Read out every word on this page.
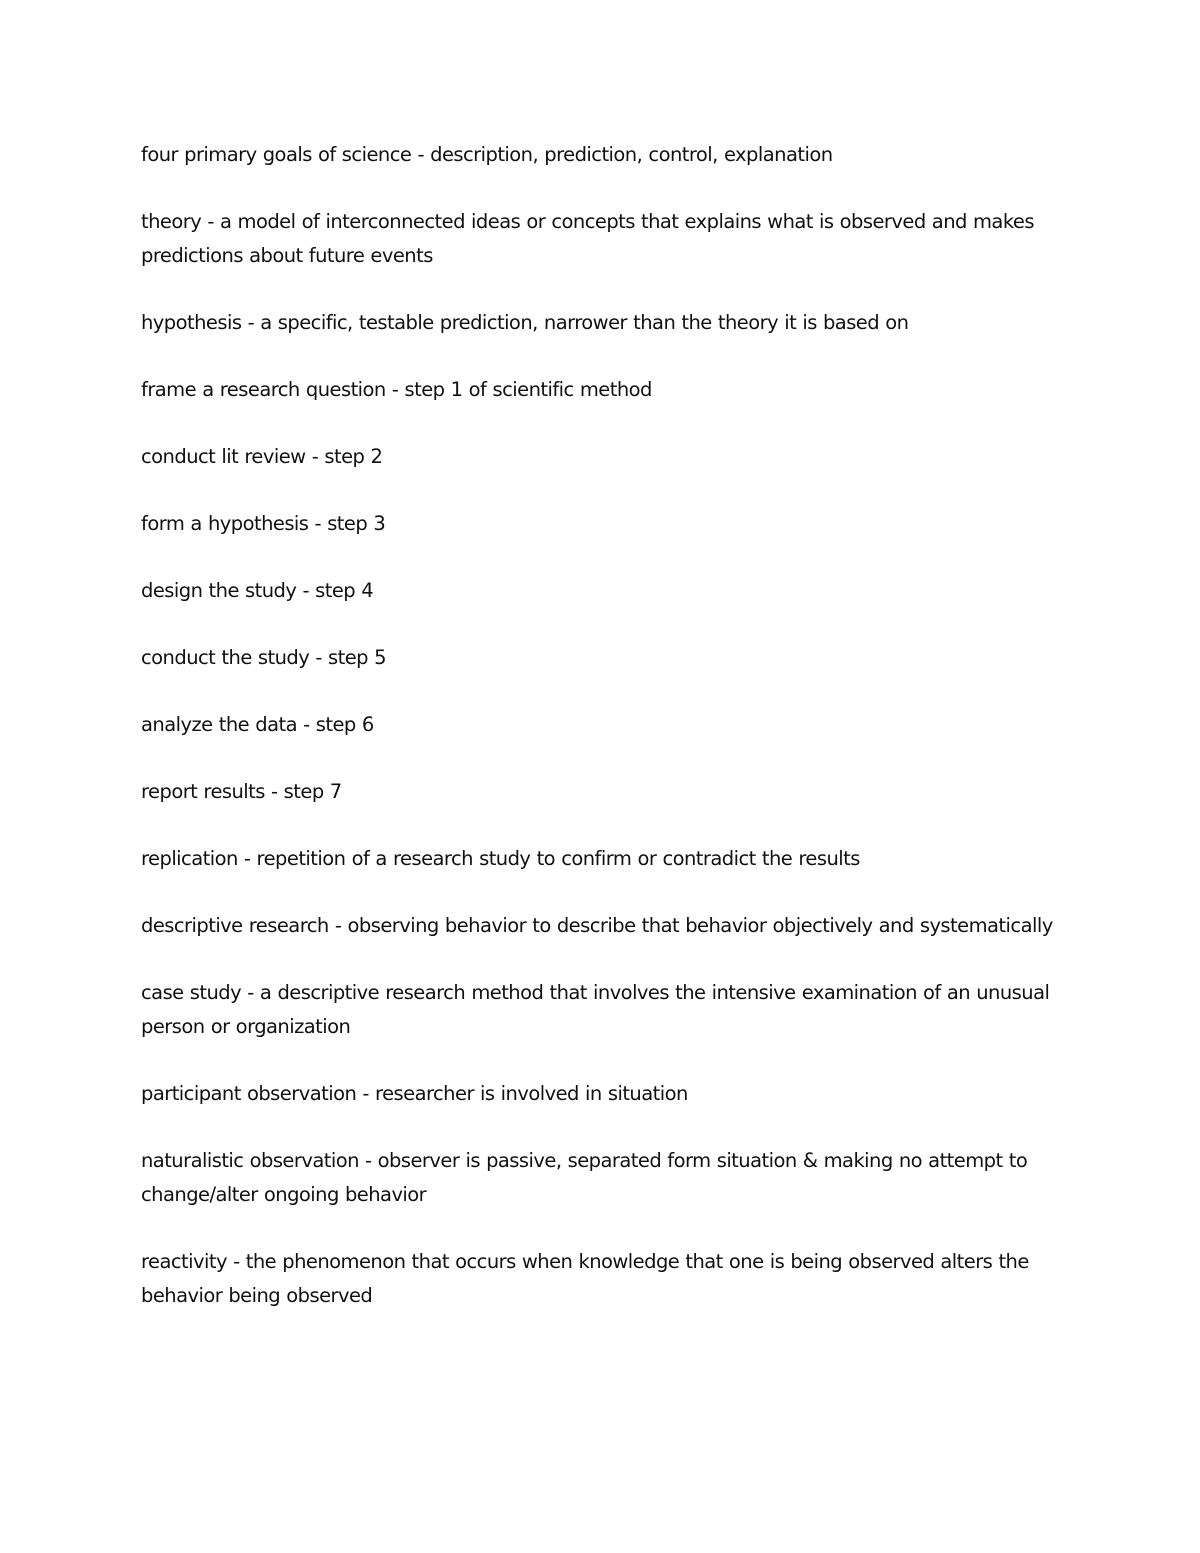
four primary goals of science - description, prediction, control, explanation

theory - a model of interconnected ideas or concepts that explains what is observed and makes predictions about future events

hypothesis - a specific, testable prediction, narrower than the theory it is based on

frame a research question - step 1 of scientific method

conduct lit review - step 2

form a hypothesis - step 3

design the study - step 4

conduct the study - step 5

analyze the data - step 6

report results - step 7

replication - repetition of a research study to confirm or contradict the results

descriptive research - observing behavior to describe that behavior objectively and systematically

case study - a descriptive research method that involves the intensive examination of an unusual person or organization

participant observation - researcher is involved in situation

naturalistic observation - observer is passive, separated form situation & making no attempt to change/alter ongoing behavior

reactivity - the phenomenon that occurs when knowledge that one is being observed alters the behavior being observed
